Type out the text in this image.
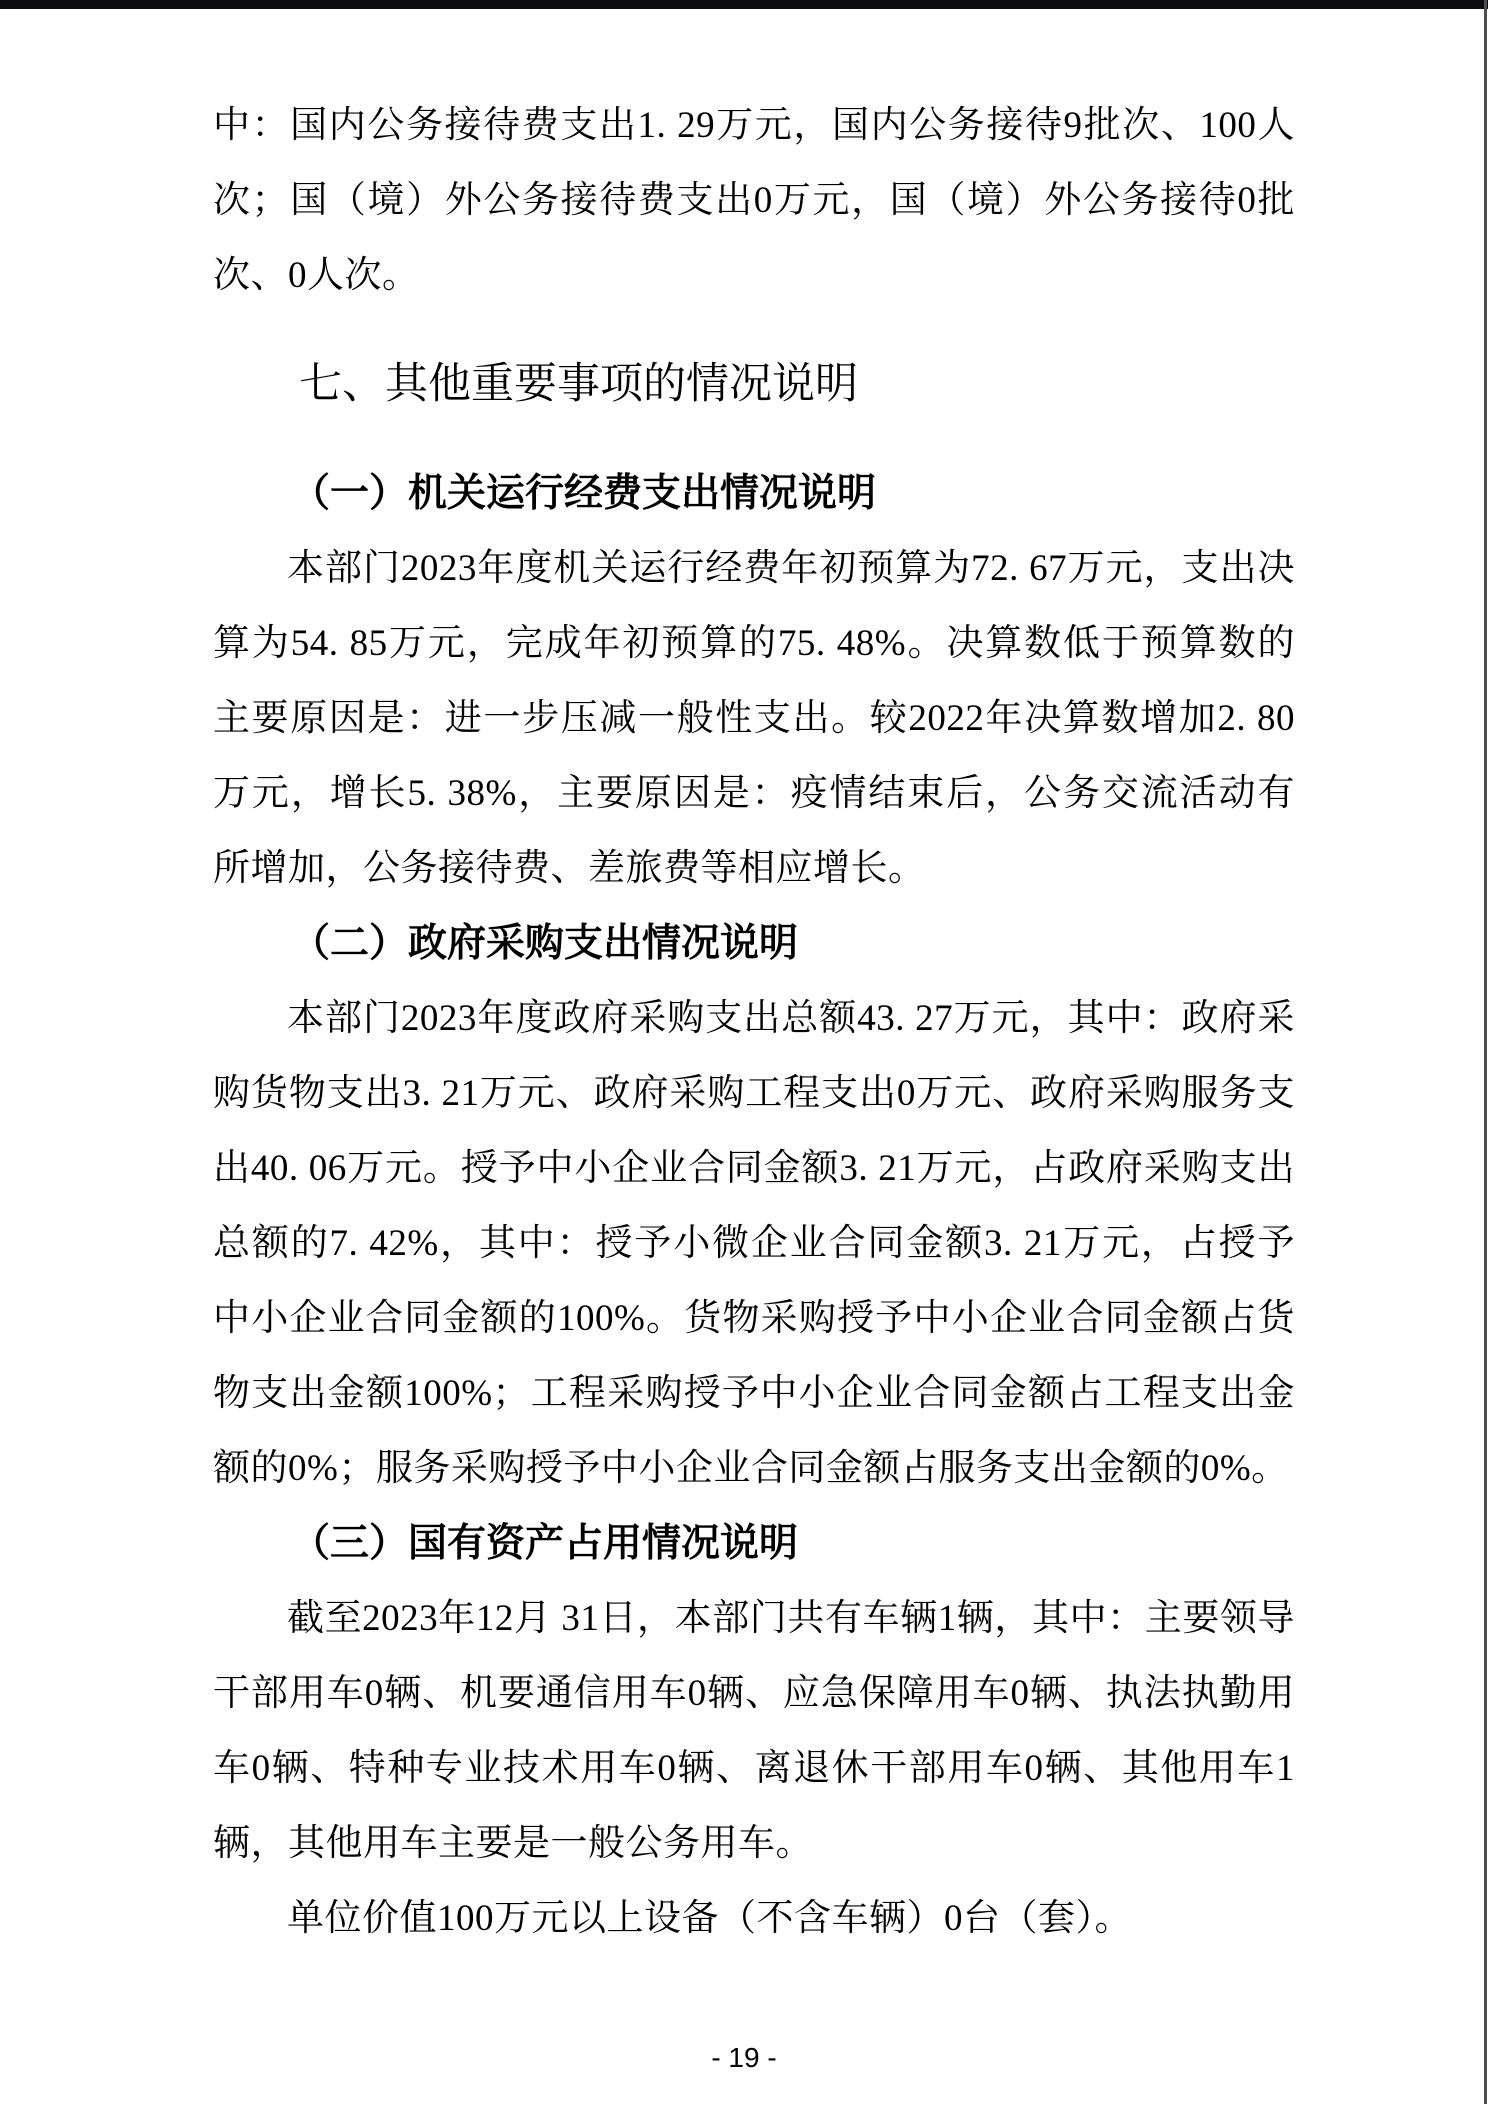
中：国内公务接待费支出1. 29万元，国内公务接待9批次、100人次；国（境）外公务接待费支出0万元，国（境）外公务接待0批次、0人次。

七、其他重要事项的情况说明
（一）机关运行经费支出情况说明

本部门2023年度机关运行经费年初预算为72. 67万元，支出决算为54. 85万元，完成年初预算的75. 48%。决算数低于预算数的主要原因是：进一步压减一般性支出。较2022年决算数增加2. 80万元，增长5. 38%，主要原因是：疫情结束后，公务交流活动有所增加，公务接待费、差旅费等相应增长。

（二）政府采购支出情况说明

本部门2023年度政府采购支出总额43. 27万元，其中：政府采购货物支出3. 21万元、政府采购工程支出0万元、政府采购服务支出40. 06万元。授予中小企业合同金额3. 21万元，占政府采购支出总额的7. 42%，其中：授予小微企业合同金额3. 21万元，占授予中小企业合同金额的100%。货物采购授予中小企业合同金额占货物支出金额100%；工程采购授予中小企业合同金额占工程支出金额的0%；服务采购授予中小企业合同金额占服务支出金额的0%。

（三）国有资产占用情况说明

截至2023年12月 31日，本部门共有车辆1辆，其中：主要领导干部用车0辆、机要通信用车0辆、应急保障用车0辆、执法执勤用车0辆、特种专业技术用车0辆、离退休干部用车0辆、其他用车1辆，其他用车主要是一般公务用车。

单位价值100万元以上设备（不含车辆）0台（套）。

- 19 -
